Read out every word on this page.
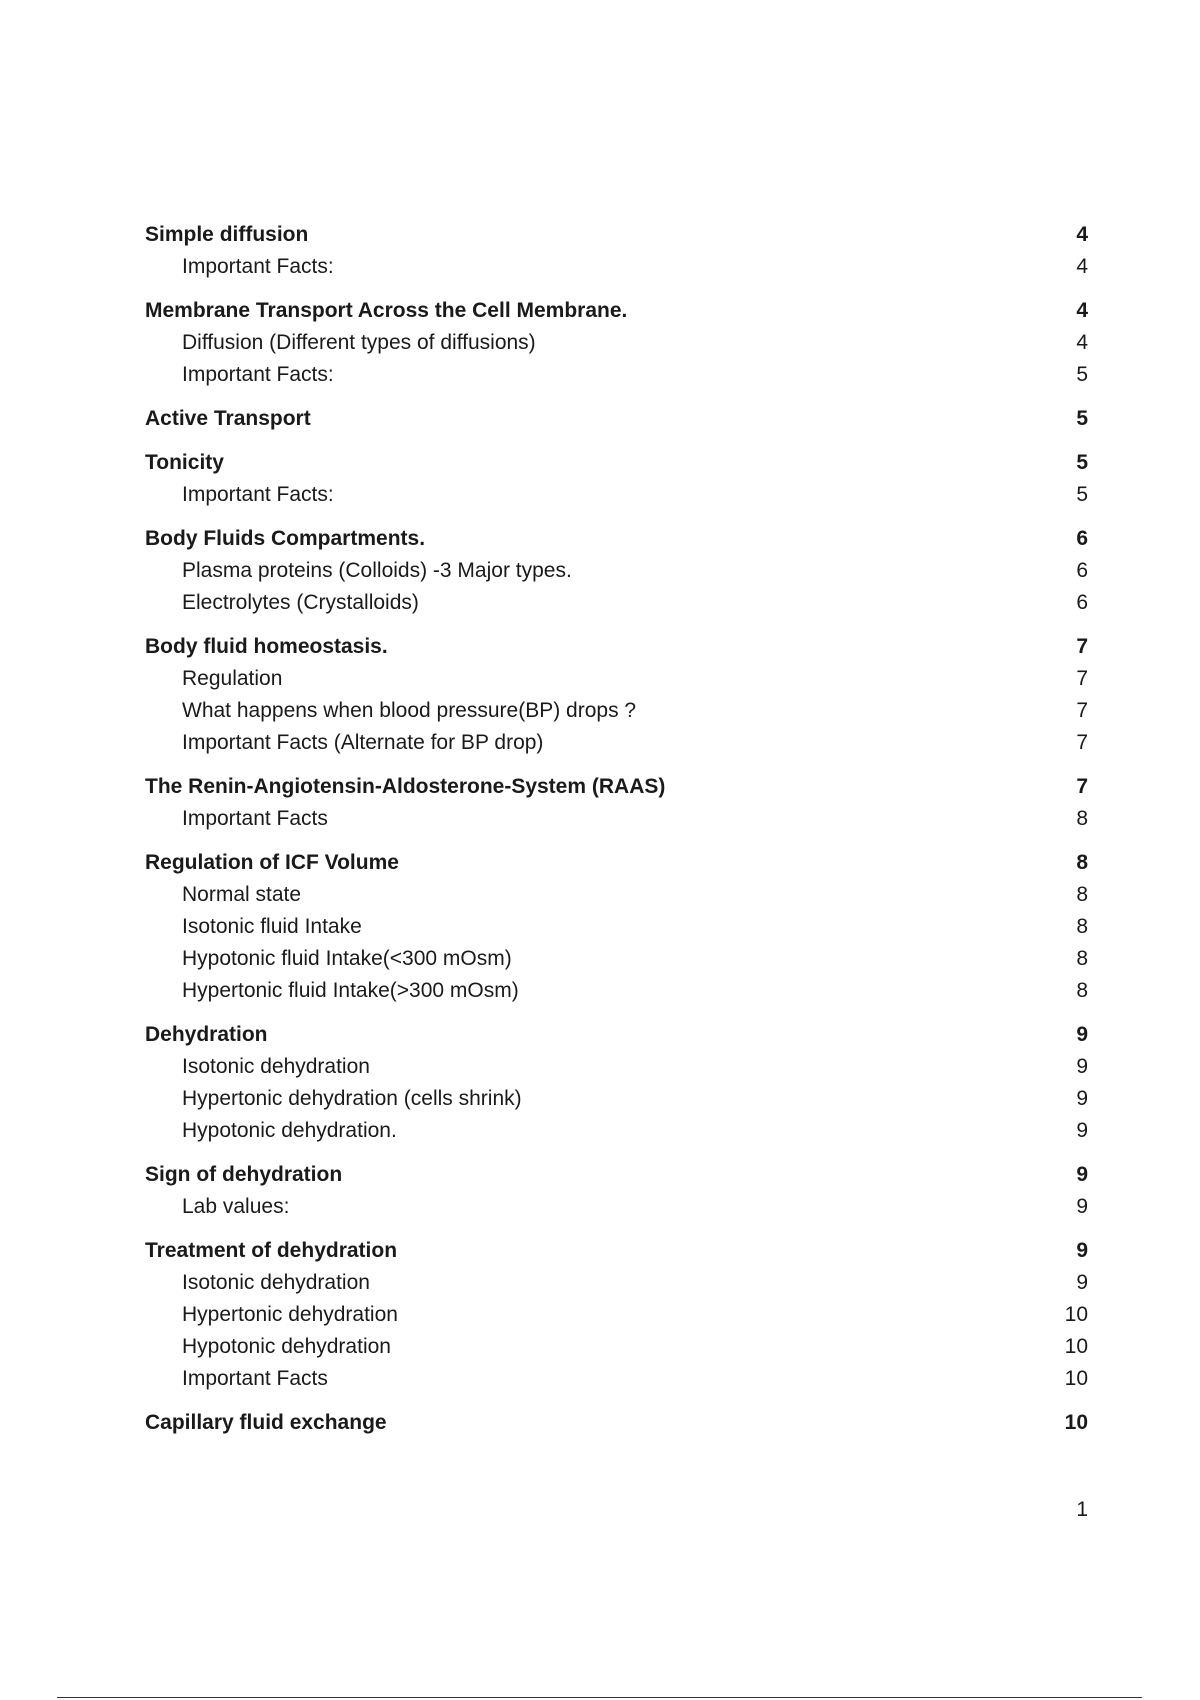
Simple diffusion	4
Important Facts:	4
Membrane Transport Across the Cell Membrane.	4
Diffusion (Different types of diffusions)	4
Important Facts:	5
Active Transport	5
Tonicity	5
Important Facts:	5
Body Fluids Compartments.	6
Plasma proteins (Colloids) -3 Major types.	6
Electrolytes (Crystalloids)	6
Body fluid homeostasis.	7
Regulation	7
What happens when blood pressure(BP) drops ?	7
Important Facts (Alternate for BP drop)	7
The Renin-Angiotensin-Aldosterone-System (RAAS)	7
Important Facts	8
Regulation of ICF Volume	8
Normal state	8
Isotonic fluid Intake	8
Hypotonic fluid Intake(<300 mOsm)	8
Hypertonic fluid Intake(>300 mOsm)	8
Dehydration	9
Isotonic dehydration	9
Hypertonic dehydration (cells shrink)	9
Hypotonic dehydration.	9
Sign of dehydration	9
Lab values:	9
Treatment of dehydration	9
Isotonic dehydration	9
Hypertonic dehydration	10
Hypotonic dehydration	10
Important Facts	10
Capillary fluid exchange	10
1
